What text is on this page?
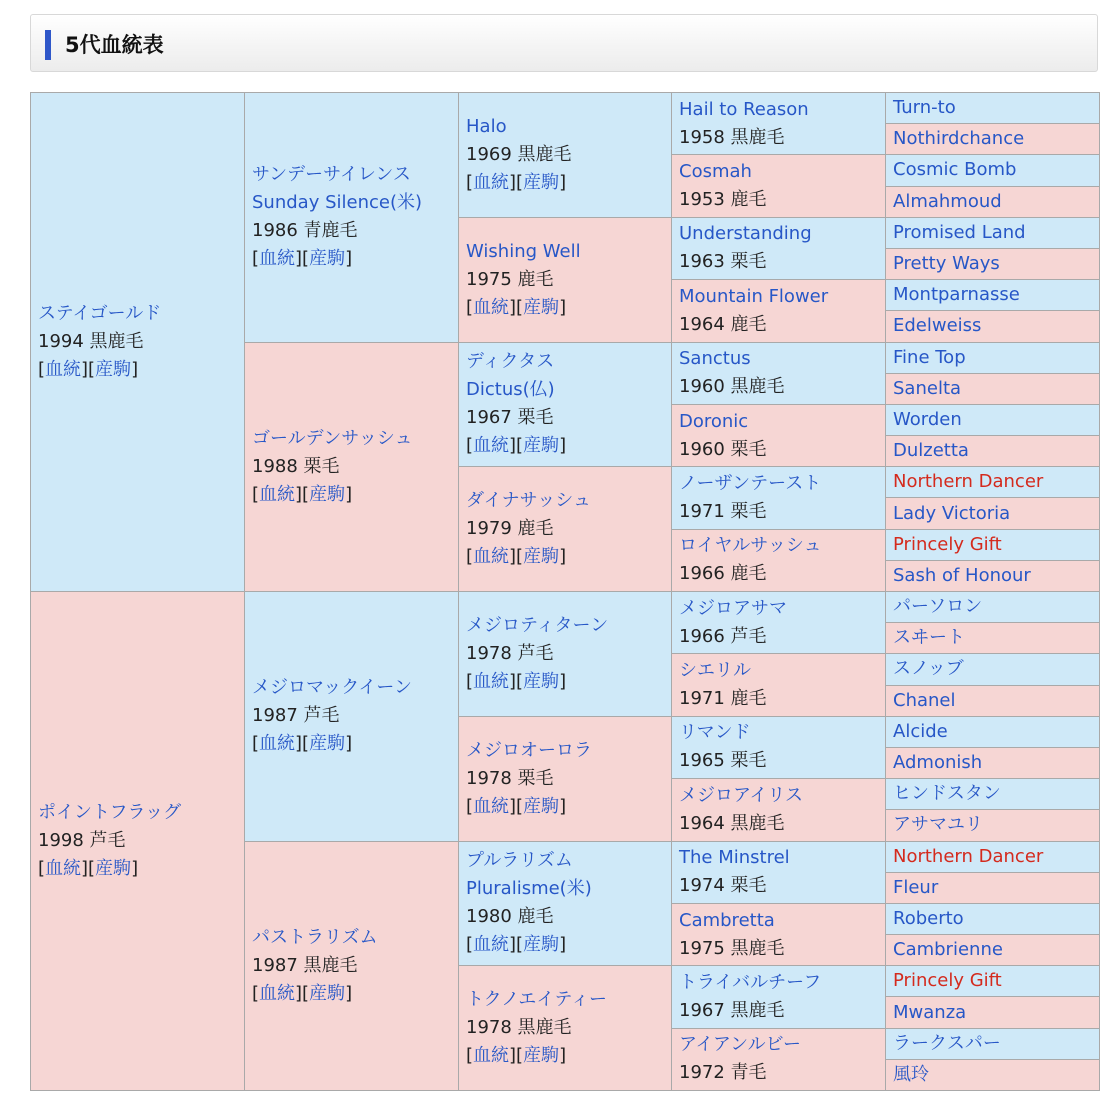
5代血統表
ステイゴールド
1994 黒鹿毛
[血統][産駒]	サンデーサイレンス
Sunday Silence(米)
1986 青鹿毛
[血統][産駒]	Halo
1969 黒鹿毛
[血統][産駒]	Hail to Reason
1958 黒鹿毛	Turn-to
				Nothirdchance
			Cosmah
1953 鹿毛	Cosmic Bomb
				Almahmoud
		Wishing Well
1975 鹿毛
[血統][産駒]	Understanding
1963 栗毛	Promised Land
				Pretty Ways
			Mountain Flower
1964 鹿毛	Montparnasse
				Edelweiss
	ゴールデンサッシュ
1988 栗毛
[血統][産駒]	ディクタス
Dictus(仏)
1967 栗毛
[血統][産駒]	Sanctus
1960 黒鹿毛	Fine Top
				Sanelta
			Doronic
1960 栗毛	Worden
				Dulzetta
		ダイナサッシュ
1979 鹿毛
[血統][産駒]	ノーザンテースト
1971 栗毛	Northern Dancer
				Lady Victoria
			ロイヤルサッシュ
1966 鹿毛	Princely Gift
				Sash of Honour
ポイントフラッグ
1998 芦毛
[血統][産駒]	メジロマックイーン
1987 芦毛
[血統][産駒]	メジロティターン
1978 芦毛
[血統][産駒]	メジロアサマ
1966 芦毛	パーソロン
				スヰート
			シエリル
1971 鹿毛	スノッブ
				Chanel
		メジロオーロラ
1978 栗毛
[血統][産駒]	リマンド
1965 栗毛	Alcide
				Admonish
			メジロアイリス
1964 黒鹿毛	ヒンドスタン
				アサマユリ
	パストラリズム
1987 黒鹿毛
[血統][産駒]	プルラリズム
Pluralisme(米)
1980 鹿毛
[血統][産駒]	The Minstrel
1974 栗毛	Northern Dancer
				Fleur
			Cambretta
1975 黒鹿毛	Roberto
				Cambrienne
		トクノエイティー
1978 黒鹿毛
[血統][産駒]	トライバルチーフ
1967 黒鹿毛	Princely Gift
				Mwanza
			アイアンルビー
1972 青毛	ラークスパー
				風玲
